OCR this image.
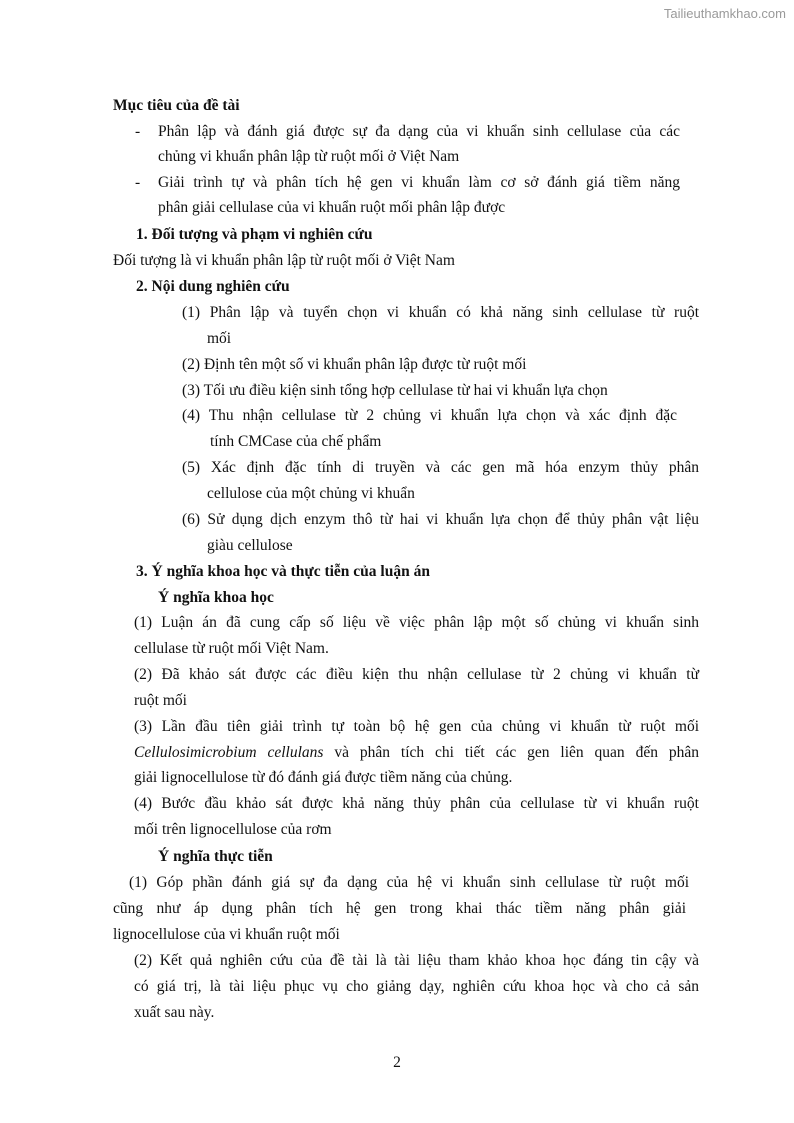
Tailieuthamkhao.com
Mục tiêu của đề tài
- Phân lập và đánh giá được sự đa dạng của vi khuẩn sinh cellulase của các
chủng vi khuẩn phân lập từ ruột mối ở Việt Nam
- Giải trình tự và phân tích hệ gen vi khuẩn làm cơ sở đánh giá tiềm năng
phân giải cellulase của vi khuẩn ruột mối phân lập được
1. Đối tượng và phạm vi nghiên cứu
Đối tượng là vi khuẩn phân lập từ ruột mối ở Việt Nam
2. Nội dung nghiên cứu
(1) Phân lập và tuyển chọn vi khuẩn có khả năng sinh cellulase từ ruột
mối
(2) Định tên một số vi khuẩn phân lập được từ ruột mối
(3) Tối ưu điều kiện sinh tổng hợp cellulase từ hai vi khuẩn lựa chọn
(4) Thu nhận cellulase từ 2 chủng vi khuẩn lựa chọn và xác định đặc
tính CMCase của chế phẩm
(5) Xác định đặc tính di truyền và các gen mã hóa enzym thủy phân
cellulose của một chủng vi khuẩn
(6) Sử dụng dịch enzym thô từ hai vi khuẩn lựa chọn để thủy phân vật liệu
giàu cellulose
3. Ý nghĩa khoa học và thực tiễn của luận án
Ý nghĩa khoa học
(1) Luận án đã cung cấp số liệu về việc phân lập một số chủng vi khuẩn sinh
cellulase từ ruột mối Việt Nam.
(2) Đã khảo sát được các điều kiện thu nhận cellulase từ 2 chủng vi khuẩn từ
ruột mối
(3) Lần đầu tiên giải trình tự toàn bộ hệ gen của chủng vi khuẩn từ ruột mối
Cellulosimicrobium cellulans và phân tích chi tiết các gen liên quan đến phân
giải lignocellulose từ đó đánh giá được tiềm năng của chủng.
(4) Bước đầu khảo sát được khả năng thủy phân của cellulase từ vi khuẩn ruột
mối trên lignocellulose của rơm
Ý nghĩa thực tiễn
(1) Góp phần đánh giá sự đa dạng của hệ vi khuẩn sinh cellulase từ ruột mối
cũng như áp dụng phân tích hệ gen trong khai thác tiềm năng phân giải
lignocellulose của vi khuẩn ruột mối
(2) Kết quả nghiên cứu của đề tài là tài liệu tham khảo khoa học đáng tin cậy và
có giá trị, là tài liệu phục vụ cho giảng dạy, nghiên cứu khoa học và cho cả sản
xuất sau này.
2
